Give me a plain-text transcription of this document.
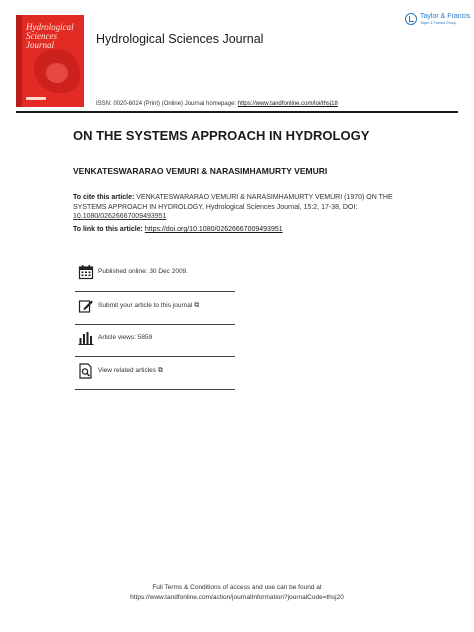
Hydrological Sciences Journal	Hydrological Sciences Journal
Taylor & Francis
Taylor & Francis Group
ISSN: 0020-6024 (Print) (Online) Journal homepage: https://www.tandfonline.com/loi/thsj18
ON THE SYSTEMS APPROACH IN HYDROLOGY
VENKATESWARARAO VEMURI & NARASIMHAMURTY VEMURI
To cite this article: VENKATESWARARAO VEMURI & NARASIMHAMURTY VEMURI (1970) ON THE SYSTEMS APPROACH IN HYDROLOGY, Hydrological Sciences Journal, 15:2, 17-38, DOI: 10.1080/02626667009493951
To link to this article: https://doi.org/10.1080/02626667009493951
Published online: 30 Dec 2009.
Submit your article to this journal ⧉
Article views: 5859
View related articles ⧉
Full Terms & Conditions of access and use can be found at
https://www.tandfonline.com/action/journalInformation?journalCode=thsj20
